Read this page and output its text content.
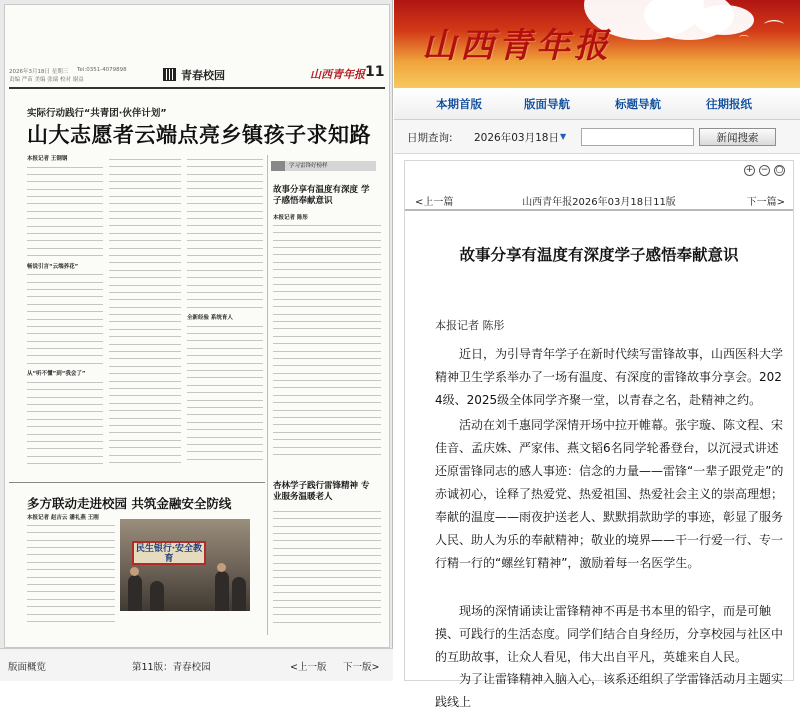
2026年3月18日 星期三 Tel:0351-4079898
责编 严苗 美编 张瑞 校对 谢益	青春校园	山西青年报 11
实际行动践行“共青团·伙伴计划”
山大志愿者云端点亮乡镇孩子求知路
本报记者 王钢钢
畅说引言“云端养花”
从“听不懂”到“我会了”
全新经验 系统育人
学习雷锋好榜样
故事分享有温度有深度 学子感悟奉献意识
本报记者 陈彤
杏林学子践行雷锋精神 专业服务温暖老人
多方联动走进校园 共筑金融安全防线
本报记者 赵吉云 潘礼燕 王刚
民生银行·安全教育
版面概览	第11版：青春校园	<上一版 下一版>
⌒
⌒
⌒
山西青年报
本期首版	版面导航	标题导航	往期报纸
日期查询: 2026年03月18日 ▼	新闻搜索
+ − ○
<上一篇	山西青年报2026年03月18日11版	下一篇>
故事分享有温度有深度学子感悟奉献意识
本报记者 陈彤

近日，为引导青年学子在新时代续写雷锋故事，山西医科大学精神卫生学系举办了一场有温度、有深度的雷锋故事分享会。2024级、2025级全体同学齐聚一堂，以青春之名，赴精神之约。

活动在刘千惠同学深情开场中拉开帷幕。张宇璇、陈文程、宋佳音、孟庆姝、严家伟、燕文韬6名同学轮番登台，以沉浸式讲述还原雷锋同志的感人事迹：信念的力量——雷锋“一辈子跟党走”的赤诚初心，诠释了热爱党、热爱祖国、热爱社会主义的崇高理想；奉献的温度——雨夜护送老人、默默捐款助学的事迹，彰显了服务人民、助人为乐的奉献精神；敬业的境界——干一行爱一行、专一行精一行的“螺丝钉精神”，激励着每一名医学生。

现场的深情诵读让雷锋精神不再是书本里的铅字，而是可触摸、可践行的生活态度。同学们结合自身经历，分享校园与社区中的互助故事，让众人看见，伟大出自平凡，英雄来自人民。

为了让雷锋精神入脑入心，该系还组织了学雷锋活动月主题实践线上
